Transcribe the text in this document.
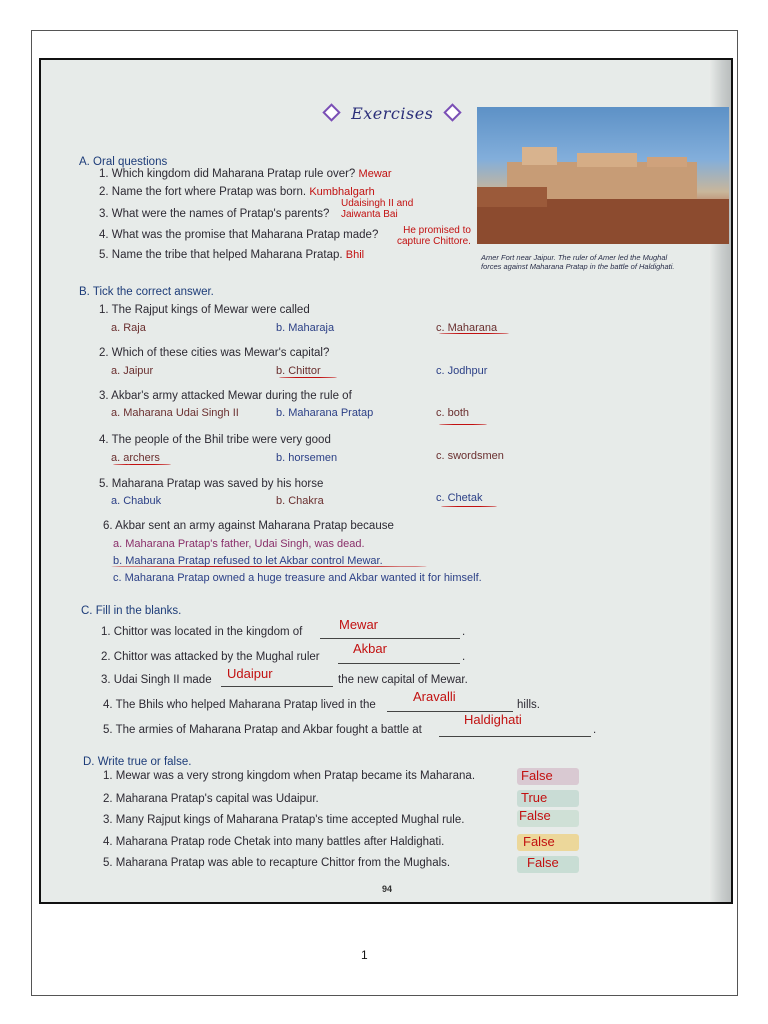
Exercises
Amer Fort near Jaipur. The ruler of Amer led the Mughal
forces against Maharana Pratap in the battle of Haldighati.
A. Oral questions
1. Which kingdom did Maharana Pratap rule over? Mewar
2. Name the fort where Pratap was born. Kumbhalgarh
3. What were the names of Pratap's parents?
Udaisingh II and
Jaiwanta Bai
4. What was the promise that Maharana Pratap made?	He promised to
capture Chittore.
5. Name the tribe that helped Maharana Pratap. Bhil
B. Tick the correct answer.
1. The Rajput kings of Mewar were called
a. Raja	b. Maharaja	c. Maharana
2. Which of these cities was Mewar's capital?
a. Jaipur	b. Chittor	c. Jodhpur
3. Akbar's army attacked Mewar during the rule of
a. Maharana Udai Singh II	b. Maharana Pratap	c. both
4. The people of the Bhil tribe were very good
a. archers	b. horsemen	c. swordsmen
5. Maharana Pratap was saved by his horse
a. Chabuk	b. Chakra	c. Chetak
6. Akbar sent an army against Maharana Pratap because
a. Maharana Pratap's father, Udai Singh, was dead.
b. Maharana Pratap refused to let Akbar control Mewar.
c. Maharana Pratap owned a huge treasure and Akbar wanted it for himself.
C. Fill in the blanks.
1. Chittor was located in the kingdom of	Mewar	.
2. Chittor was attacked by the Mughal ruler
Akbar
.
3. Udai Singh II made Udaipur	the new capital of Mewar.
4. The Bhils who helped Maharana Pratap lived in the
Aravalli
hills.
5. The armies of Maharana Pratap and Akbar fought a battle at
Haldighati
.
D. Write true or false.
1. Mewar was a very strong kingdom when Pratap became its Maharana.	False
2. Maharana Pratap's capital was Udaipur.	True
3. Many Rajput kings of Maharana Pratap's time accepted Mughal rule.	False
4. Maharana Pratap rode Chetak into many battles after Haldighati.	False
5. Maharana Pratap was able to recapture Chittor from the Mughals.	False
94
1
